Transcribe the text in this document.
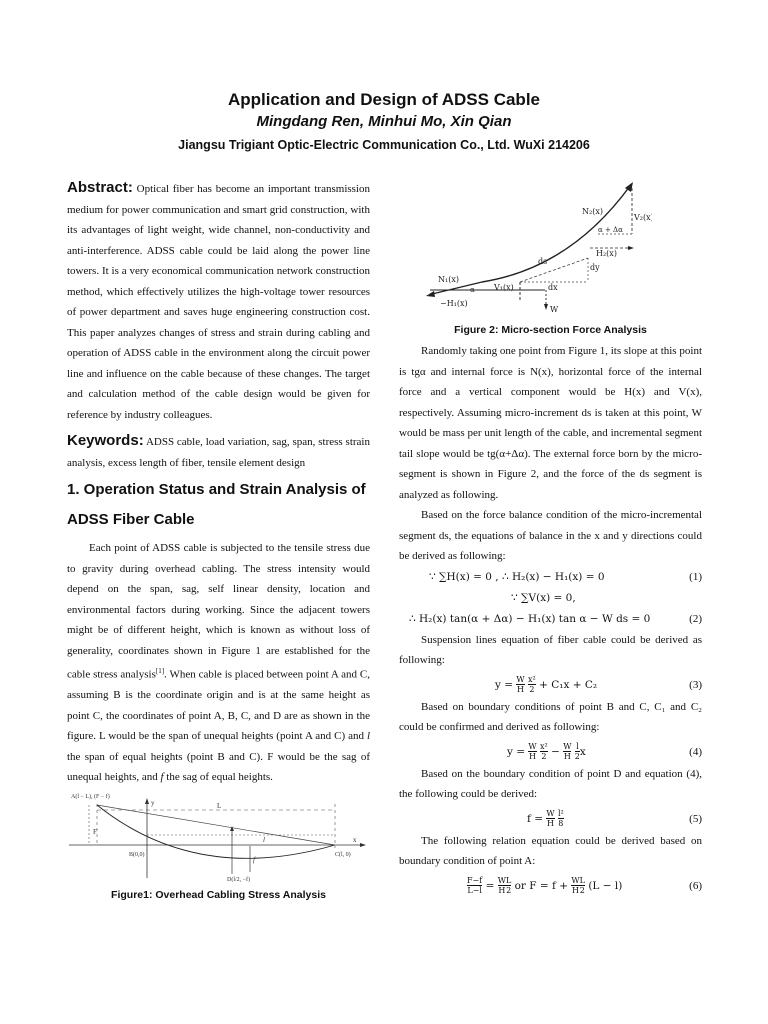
Application and Design of ADSS Cable
Mingdang Ren, Minhui Mo, Xin Qian
Jiangsu Trigiant Optic-Electric Communication Co., Ltd. WuXi 214206

Abstract: Optical fiber has become an important transmission medium for power communication and smart grid construction, with its advantages of light weight, wide channel, non-conductivity and anti-interference. ADSS cable could be laid along the power line towers. It is a very economical communication network construction method, which effectively utilizes the high-voltage tower resources of power department and saves huge engineering construction cost. This paper analyzes changes of stress and strain during cabling and operation of ADSS cable in the environment along the circuit power line and influence on the cable because of these changes. The target and calculation method of the cable design would be given for reference by industry colleagues.

Keywords: ADSS cable, load variation, sag, span, stress strain analysis, excess length of fiber, tensile element design

1. Operation Status and Strain Analysis of ADSS Fiber Cable

Each point of ADSS cable is subjected to the tensile stress due to gravity during overhead cabling. The stress intensity would depend on the span, sag, self linear density, location and environmental factors during working. Since the adjacent towers might be of different height, which is known as without loss of generality, coordinates shown in Figure 1 are established for the cable stress analysis[1]. When cable is placed between point A and C, assuming B is the coordinate origin and is at the same height as point C, the coordinates of point A, B, C, and D are as shown in the figure. L would be the span of unequal heights (point A and C) and l the span of equal heights (point B and C). F would be the sag of unequal heights, and f the sag of equal heights.

A(l − L), (F − f)
y	L
F
B(0,0)
l
f
C(l, 0)
x
D(l/2, −f)
Figure1: Overhead Cabling Stress Analysis
N₂(x)
V₂(x)
α + Δα
H₂(x)
ds
dy
N₁(x)
α V₁(x)	dx
−H₁(x)
W
Figure 2: Micro-section Force Analysis

Randomly taking one point from Figure 1, its slope at this point is tgα and internal force is N(x), horizontal force of the internal force and a vertical component would be H(x) and V(x), respectively. Assuming micro-increment ds is taken at this point, W would be mass per unit length of the cable, and incremental segment tail slope would be tg(α+Δα). The external force born by the micro-segment is shown in Figure 2, and the force of the ds segment is analyzed as following.

Based on the force balance condition of the micro-incremental segment ds, the equations of balance in the x and y directions could be derived as following:

∵ ∑H(x) = 0 , ∴ H₂(x) − H₁(x) = 0	(1)
∵ ∑V(x) = 0,
∴ H₂(x) tan(α + Δα) − H₁(x) tan α − W ds = 0	(2)

Suspension lines equation of fiber cable could be derived as following:

$y = \frac{W}{H}$
$\frac{\text{x²}}{2} + C_1x + C_2$	(3)

Based on boundary conditions of point B and C, C₁ and C₂ could be confirmed and derived as following:

$y = \frac{W}{H}$
$\frac{\text{x²}}{2} - \frac{W}{H}$
$\frac{l}{2}$ x	(4)

Based on the boundary condition of point D and equation (4), the following could be derived:

$f = \frac{W}{H}$
$\frac{\text{l²}}{8}$	(5)

The following relation equation could be derived based on boundary condition of point A:

$\frac{F-f}{L-l} = \frac{W}{H} \frac{L}{2}$ or $F = f + \frac{W}{H} \frac{L}{2} (L - l)$	(6)
